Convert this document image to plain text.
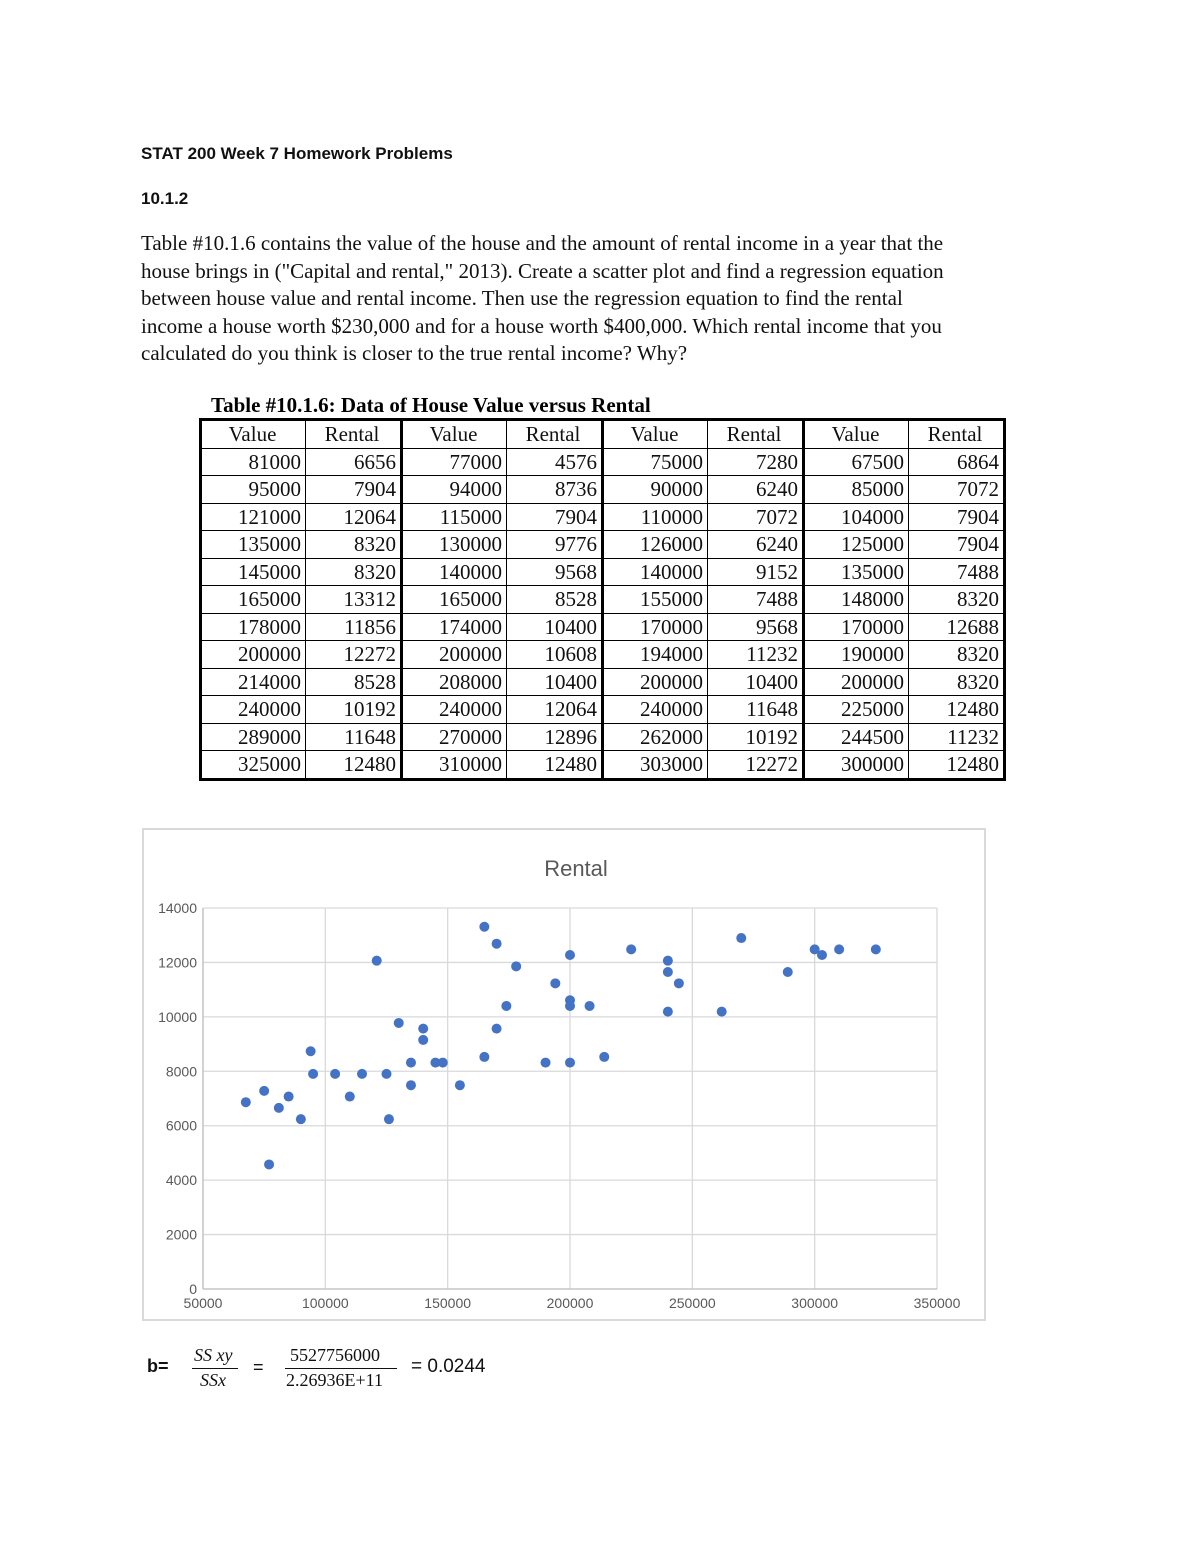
STAT 200 Week 7 Homework Problems
10.1.2
Table #10.1.6 contains the value of the house and the amount of rental income in a year that the
house brings in ("Capital and rental," 2013). Create a scatter plot and find a regression equation
between house value and rental income. Then use the regression equation to find the rental
income a house worth $230,000 and for a house worth $400,000. Which rental income that you
calculated do you think is closer to the true rental income? Why?
Table #10.1.6: Data of House Value versus Rental
Value	Rental	Value	Rental	Value	Rental	Value	Rental
81000	6656	77000	4576	75000	7280	67500	6864
95000	7904	94000	8736	90000	6240	85000	7072
121000	12064	115000	7904	110000	7072	104000	7904
135000	8320	130000	9776	126000	6240	125000	7904
145000	8320	140000	9568	140000	9152	135000	7488
165000	13312	165000	8528	155000	7488	148000	8320
178000	11856	174000	10400	170000	9568	170000	12688
200000	12272	200000	10608	194000	11232	190000	8320
214000	8528	208000	10400	200000	10400	200000	8320
240000	10192	240000	12064	240000	11648	225000	12480
289000	11648	270000	12896	262000	10192	244500	11232
325000	12480	310000	12480	303000	12272	300000	12480
0
2000
4000
6000
8000
10000
12000
14000
50000	100000	150000	200000	250000	300000	350000
Rental
b=
SS xy
SSx
=
5527756000
2.26936E+11
= 0.0244
